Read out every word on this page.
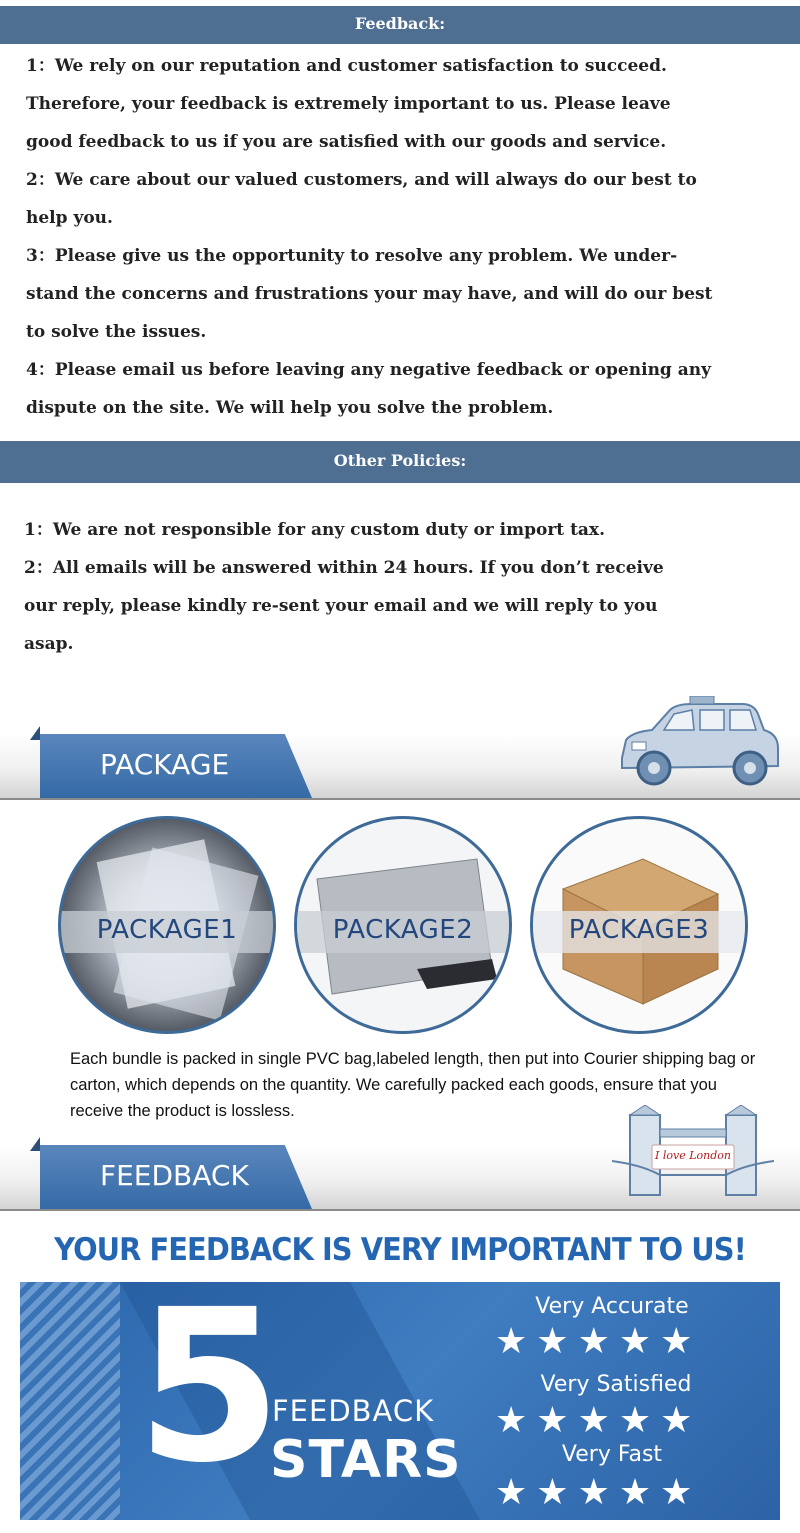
Feedback:

1：We rely on our reputation and customer satisfaction to succeed.

Therefore, your feedback is extremely important to us. Please leave

good feedback to us if you are satisfied with our goods and service.

2：We care about our valued customers, and will always do our best to

help you.

3：Please give us the opportunity to resolve any problem. We under-

stand the concerns and frustrations your may have, and will do our best

to solve the issues.

4：Please email us before leaving any negative feedback or opening any

dispute on the site. We will help you solve the problem.

Other Policies:

1：We are not responsible for any custom duty or import tax.

2：All emails will be answered within 24 hours. If you don’t receive

our reply, please kindly re-sent your email and we will reply to you

asap.

PACKAGE
PACKAGE1	PACKAGE2	PACKAGE3
Each bundle is packed in single PVC bag,labeled length, then put into Courier shipping bag or carton, which depends on the quantity. We carefully packed each goods, ensure that you receive the product is lossless.
FEEDBACK
I love London
YOUR FEEDBACK IS VERY IMPORTANT TO US!
5
FEEDBACK
STARS
Very Accurate
★ ★ ★ ★ ★
Very Satisfied
★ ★ ★ ★ ★
Very Fast
★ ★ ★ ★ ★
